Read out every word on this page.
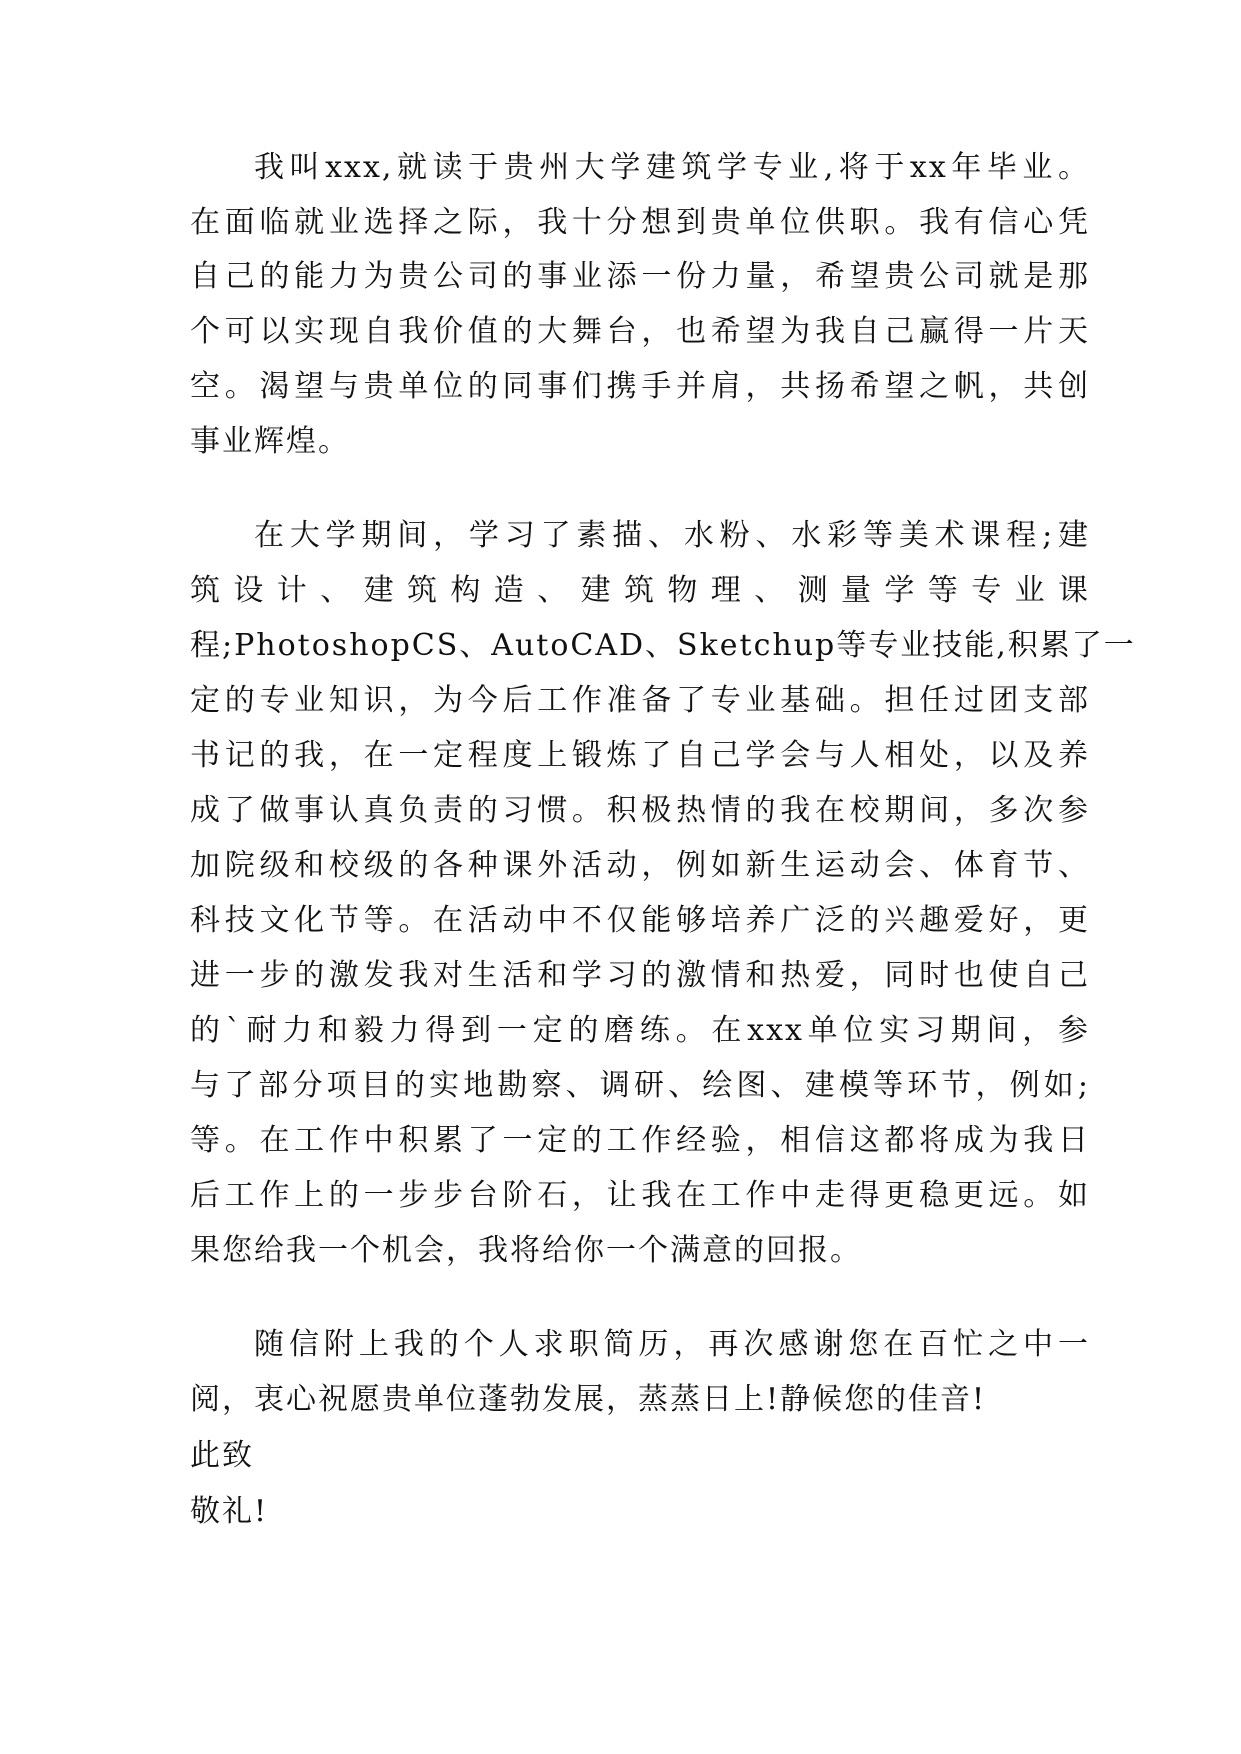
我叫xxx,就读于贵州大学建筑学专业,将于xx年毕业。
在面临就业选择之际，我十分想到贵单位供职。我有信心凭
自己的能力为贵公司的事业添一份力量，希望贵公司就是那
个可以实现自我价值的大舞台，也希望为我自己赢得一片天
空。渴望与贵单位的同事们携手并肩，共扬希望之帆，共创
事业辉煌。
在大学期间，学习了素描、水粉、水彩等美术课程;建
筑设计、建筑构造、建筑物理、测量学等专业课
程;PhotoshopCS、AutoCAD、Sketchup等专业技能,积累了一
定的专业知识，为今后工作准备了专业基础。担任过团支部
书记的我，在一定程度上锻炼了自己学会与人相处，以及养
成了做事认真负责的习惯。积极热情的我在校期间，多次参
加院级和校级的各种课外活动，例如新生运动会、体育节、
科技文化节等。在活动中不仅能够培养广泛的兴趣爱好，更
进一步的激发我对生活和学习的激情和热爱，同时也使自己
的`耐力和毅力得到一定的磨练。在xxx单位实习期间，参
与了部分项目的实地勘察、调研、绘图、建模等环节，例如;
等。在工作中积累了一定的工作经验，相信这都将成为我日
后工作上的一步步台阶石，让我在工作中走得更稳更远。如
果您给我一个机会，我将给你一个满意的回报。
随信附上我的个人求职简历，再次感谢您在百忙之中一
阅，衷心祝愿贵单位蓬勃发展，蒸蒸日上!静候您的佳音!
此致
敬礼!
